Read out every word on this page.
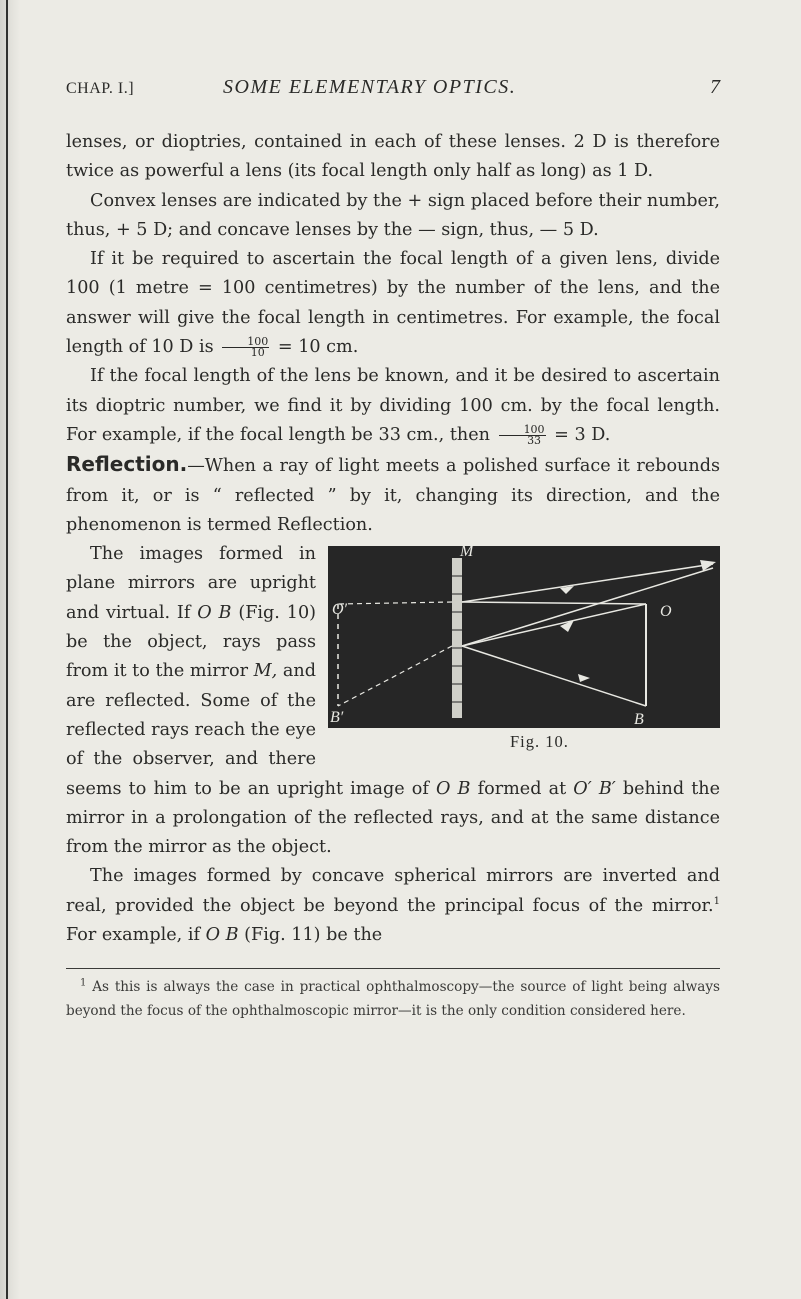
CHAP. I.]	SOME ELEMENTARY OPTICS.	7

lenses, or dioptries, contained in each of these lenses. 2 D is therefore twice as powerful a lens (its focal length only half as long) as 1 D.

Convex lenses are indicated by the + sign placed before their number, thus, + 5 D; and concave lenses by the — sign, thus, — 5 D.

If it be required to ascertain the focal length of a given lens, divide 100 (1 metre = 100 centimetres) by the number of the lens, and the answer will give the focal length in centimetres. For example, the focal length of 10 D is $\frac{100}{10} = 10$ cm.

If the focal length of the lens be known, and it be desired to ascertain its dioptric number, we find it by dividing 100 cm. by the focal length. For example, if the focal length be 33 cm., then $\frac{100}{33} = 3$ D.

Reflection.—When a ray of light meets a polished surface it rebounds from it, or is “ reflected ” by it, changing its direction, and the phenomenon is termed Reflection.

M
O′	O
B′	B
Fig. 10.

The images formed in plane mirrors are upright and virtual. If O B (Fig. 10) be the object, rays pass from it to the mirror M, and are reflected. Some of the reflected rays reach the eye of the observer, and there seems to him to be an upright image of O B formed at O′ B′ behind the mirror in a prolongation of the reflected rays, and at the same distance from the mirror as the object.

The images formed by concave spherical mirrors are inverted and real, provided the object be beyond the principal focus of the mirror.$^1$ For example, if O B (Fig. 11) be the

$^1$ As this is always the case in practical ophthalmoscopy—the source of light being always beyond the focus of the ophthalmoscopic mirror—it is the only condition considered here.
